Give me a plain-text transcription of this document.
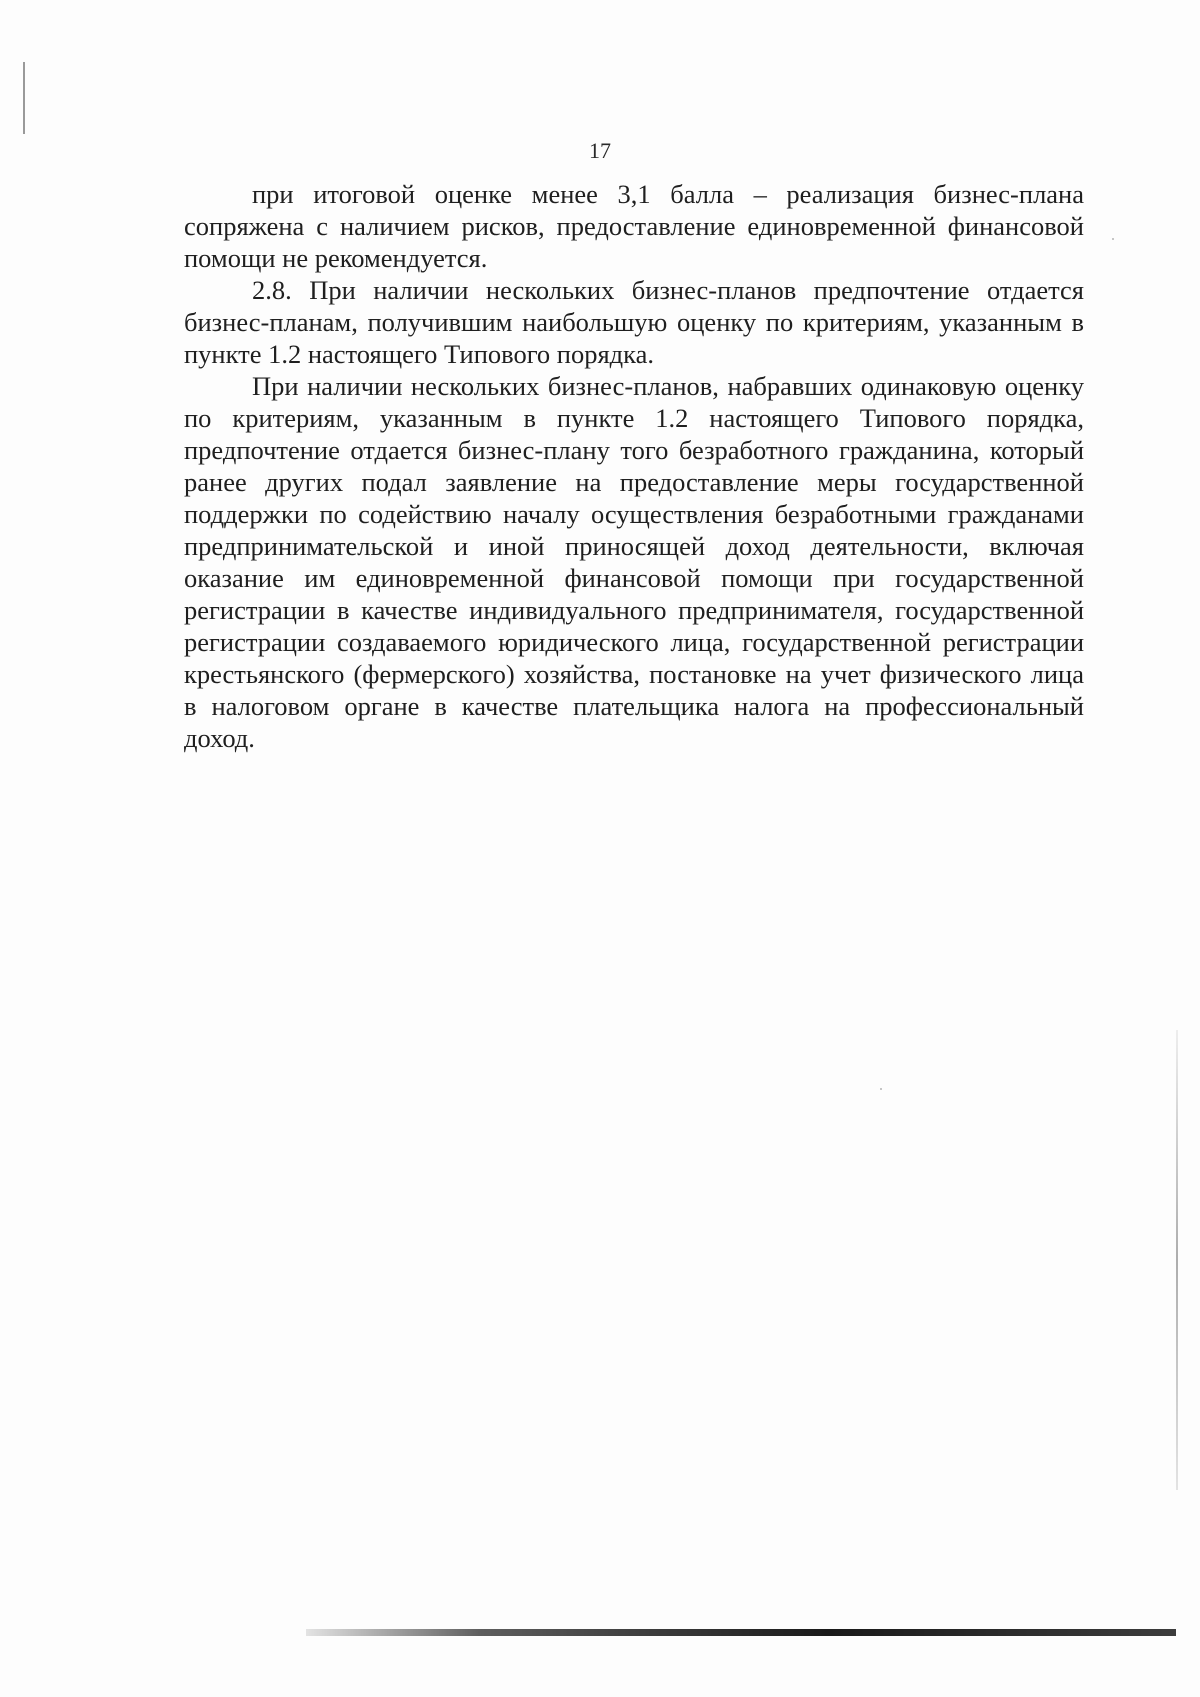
17

при итоговой оценке менее 3,1 балла – реализация бизнес-плана сопряжена с наличием рисков, предоставление единовременной финансовой помощи не рекомендуется.

2.8. При наличии нескольких бизнес-планов предпочтение отдается бизнес-планам, получившим наибольшую оценку по критериям, указанным в пункте 1.2 настоящего Типового порядка.

При наличии нескольких бизнес-планов, набравших одинаковую оценку по критериям, указанным в пункте 1.2 настоящего Типового порядка, предпочтение отдается бизнес-плану того безработного гражданина, который ранее других подал заявление на предоставление меры государственной поддержки по содействию началу осуществления безработными гражданами предпринимательской и иной приносящей доход деятельности, включая оказание им единовременной финансовой помощи при государственной регистрации в качестве индивидуального предпринимателя, государственной регистрации создаваемого юридического лица, государственной регистрации крестьянского (фермерского) хозяйства, постановке на учет физического лица в налоговом органе в качестве плательщика налога на профессиональный доход.
